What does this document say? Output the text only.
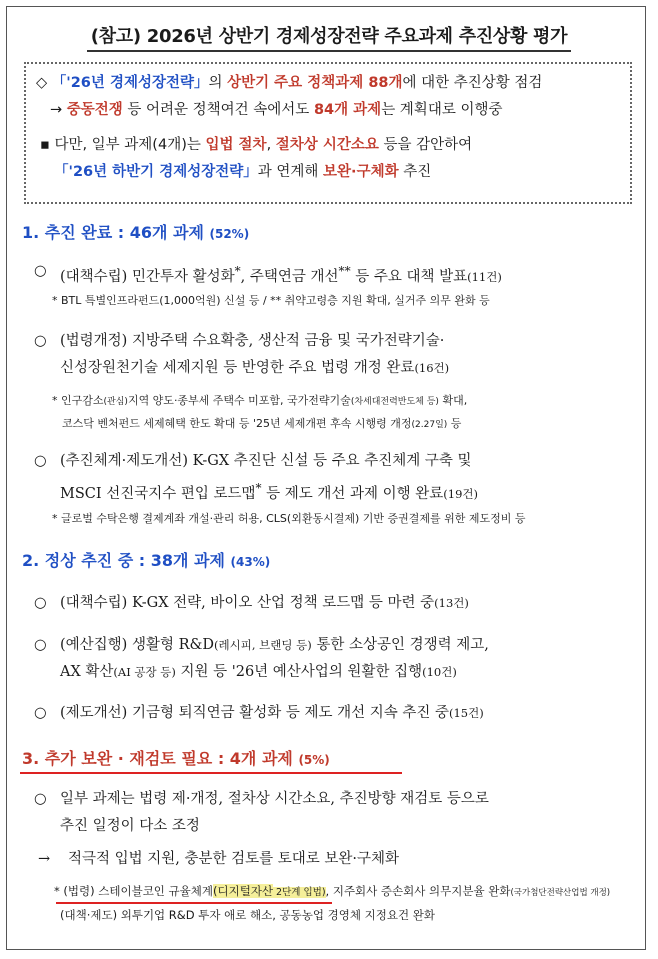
(참고) 2026년 상반기 경제성장전략 주요과제 추진상황 평가
◇ 「'26년 경제성장전략」의 상반기 주요 정책과제 88개에 대한 추진상황 점검
→ 중동전쟁 등 어려운 정책여건 속에서도 84개 과제는 계획대로 이행중
▪ 다만, 일부 과제(4개)는 입법 절차, 절차상 시간소요 등을 감안하여
「'26년 하반기 경제성장전략」과 연계해 보완·구체화 추진
1. 추진 완료 : 46개 과제 (52%)
○ (대책수립) 민간투자 활성화*, 주택연금 개선** 등 주요 대책 발표(11건)
* BTL 특별인프라펀드(1,000억원) 신설 등 / ** 취약고령층 지원 확대, 실거주 의무 완화 등
○ (법령개정) 지방주택 수요확충, 생산적 금융 및 국가전략기술·
신성장원천기술 세제지원 등 반영한 주요 법령 개정 완료(16건)
* 인구감소(관심)지역 양도·종부세 주택수 미포함, 국가전략기술(차세대전력반도체 등) 확대,
코스닥 벤처펀드 세제혜택 한도 확대 등 '25년 세제개편 후속 시행령 개정(2.27일) 등
○ (추진체계·제도개선) K-GX 추진단 신설 등 주요 추진체계 구축 및
MSCI 선진국지수 편입 로드맵* 등 제도 개선 과제 이행 완료(19건)
* 글로벌 수탁은행 결제계좌 개설·관리 허용, CLS(외환동시결제) 기반 증권결제를 위한 제도정비 등
2. 정상 추진 중 : 38개 과제 (43%)
○ (대책수립) K-GX 전략, 바이오 산업 정책 로드맵 등 마련 중(13건)
○ (예산집행) 생활형 R&D(레시피, 브랜딩 등) 통한 소상공인 경쟁력 제고,
AX 확산(AI 공장 등) 지원 등 '26년 예산사업의 원활한 집행(10건)
○ (제도개선) 기금형 퇴직연금 활성화 등 제도 개선 지속 추진 중(15건)
3. 추가 보완 · 재검토 필요 : 4개 과제 (5%)
○ 일부 과제는 법령 제·개정, 절차상 시간소요, 추진방향 재검토 등으로
추진 일정이 다소 조정
→ 적극적 입법 지원, 충분한 검토를 토대로 보완·구체화
* (법령) 스테이블코인 규율체계(디지털자산 2단계 입법), 지주회사 증손회사 의무지분율 완화(국가첨단전략산업법 개정)
(대책·제도) 외투기업 R&D 투자 애로 해소, 공동농업 경영체 지정요건 완화
